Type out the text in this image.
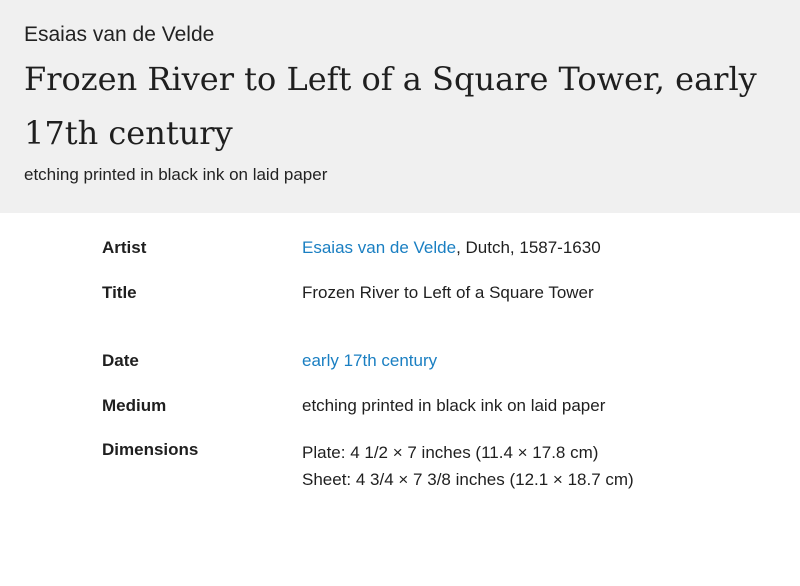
Esaias van de Velde

Frozen River to Left of a Square Tower, early 17th century

etching printed in black ink on laid paper

Artist	Esaias van de Velde, Dutch, 1587-1630
Title	Frozen River to Left of a Square Tower
Date	early 17th century
Medium	etching printed in black ink on laid paper
Dimensions	Plate: 4 1/2 × 7 inches (11.4 × 17.8 cm)
Sheet: 4 3/4 × 7 3/8 inches (12.1 × 18.7 cm)
